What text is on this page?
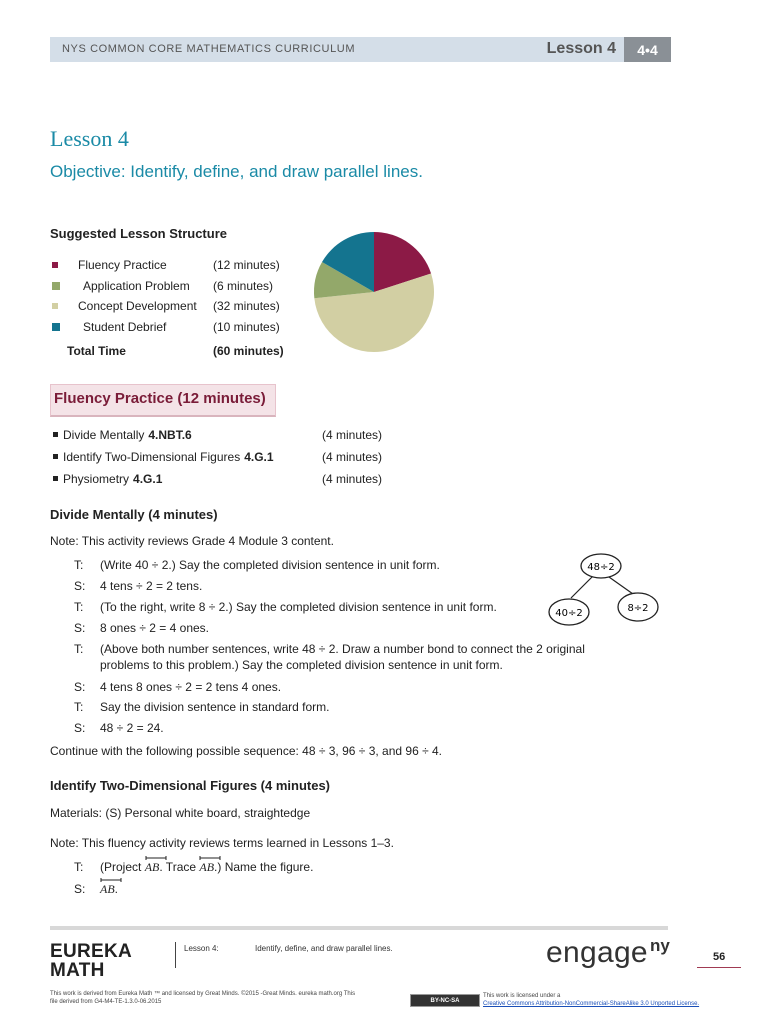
NYS COMMON CORE MATHEMATICS CURRICULUM	Lesson 4	4•4
Lesson 4
Objective: Identify, define, and draw parallel lines.
Suggested Lesson Structure
Fluency Practice	(12 minutes)
Application Problem (6 minutes)
Concept Development (32 minutes)
Student Debrief	(10 minutes)
Total Time	(60 minutes)
Fluency Practice (12 minutes)
Divide Mentally 4.NBT.6	(4 minutes)
Identify Two-Dimensional Figures 4.G.1	(4 minutes)
Physiometry 4.G.1	(4 minutes)
Divide Mentally (4 minutes)
Note: This activity reviews Grade 4 Module 3 content.
T: (Write 40 ÷ 2.) Say the completed division sentence in unit form.
S: 4 tens ÷ 2 = 2 tens.
T: (To the right, write 8 ÷ 2.) Say the completed division sentence in unit form.
S: 8 ones ÷ 2 = 4 ones.
T: (Above both number sentences, write 48 ÷ 2. Draw a number bond to connect the 2 original
problems to this problem.) Say the completed division sentence in unit form.
S: 4 tens 8 ones ÷ 2 = 2 tens 4 ones.
T: Say the division sentence in standard form.
S: 48 ÷ 2 = 24.
48÷2
40÷2	8÷2
Continue with the following possible sequence: 48 ÷ 3, 96 ÷ 3, and 96 ÷ 4.
Identify Two-Dimensional Figures (4 minutes)
Materials: (S) Personal white board, straightedge
Note: This fluency activity reviews terms learned in Lessons 1–3.
T: (Project
AB. Trace
AB.) Name the figure.
S: AB.
EUREKA
MATH
Lesson 4:	Identify, define, and draw parallel lines.	engage ny
56
This work is derived from Eureka Math ™ and licensed by Great Minds. ©2015 -Great Minds. eureka math.org This file derived from G4-M4-TE-1.3.0-06.2015	BY-NC-SA
This work is licensed under a
Creative Commons Attribution-NonCommercial-ShareAlike 3.0 Unported License.
